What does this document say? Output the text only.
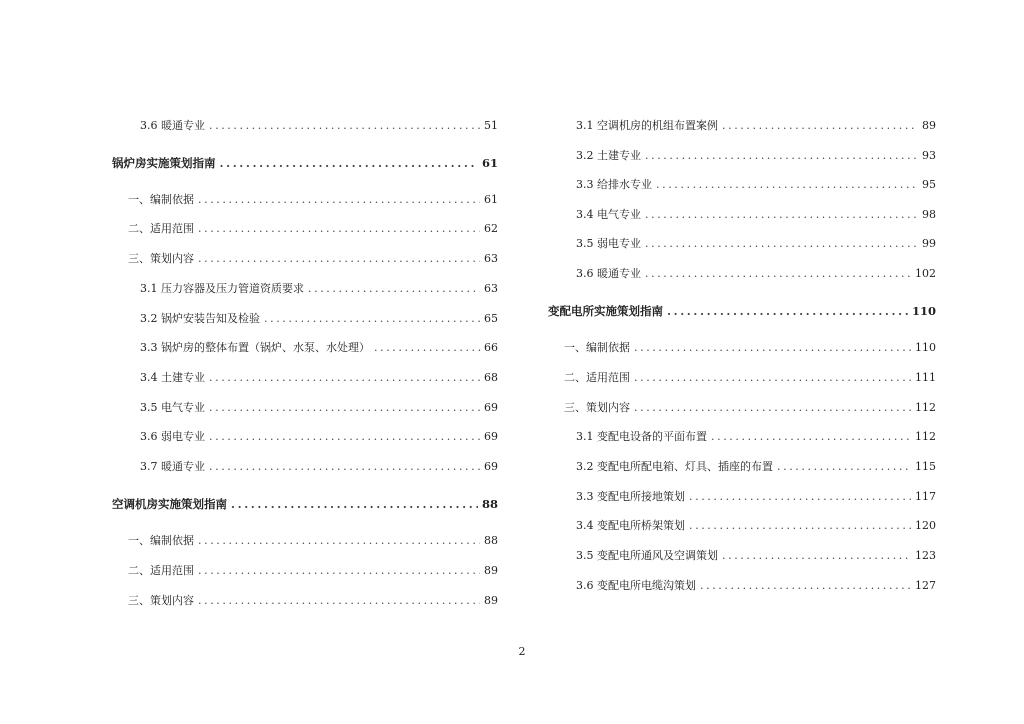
3.6 暖通专业 .....	51
锅炉房实施策划指南 .....	61
一、编制依据 .....	61
二、适用范围 .....	62
三、策划内容 .....	63
3.1 压力容器及压力管道资质要求 .....	63
3.2 锅炉安装告知及检验 .....	65
3.3 锅炉房的整体布置（锅炉、水泵、水处理） .....	66
3.4 土建专业 .....	68
3.5 电气专业 .....	69
3.6 弱电专业 .....	69
3.7 暖通专业 .....	69
空调机房实施策划指南 .....	88
一、编制依据 .....	88
二、适用范围 .....	89
三、策划内容 .....	89
3.1 空调机房的机组布置案例 .....	89
3.2 土建专业 .....	93
3.3 给排水专业 .....	95
3.4 电气专业 .....	98
3.5 弱电专业 .....	99
3.6 暖通专业 .....	102
变配电所实施策划指南 .....	110
一、编制依据 .....	110
二、适用范围 .....	111
三、策划内容 .....	112
3.1 变配电设备的平面布置 .....	112
3.2 变配电所配电箱、灯具、插座的布置 .....	115
3.3 变配电所接地策划 .....	117
3.4 变配电所桥架策划 .....	120
3.5 变配电所通风及空调策划 .....	123
3.6 变配电所电缆沟策划 .....	127
2
